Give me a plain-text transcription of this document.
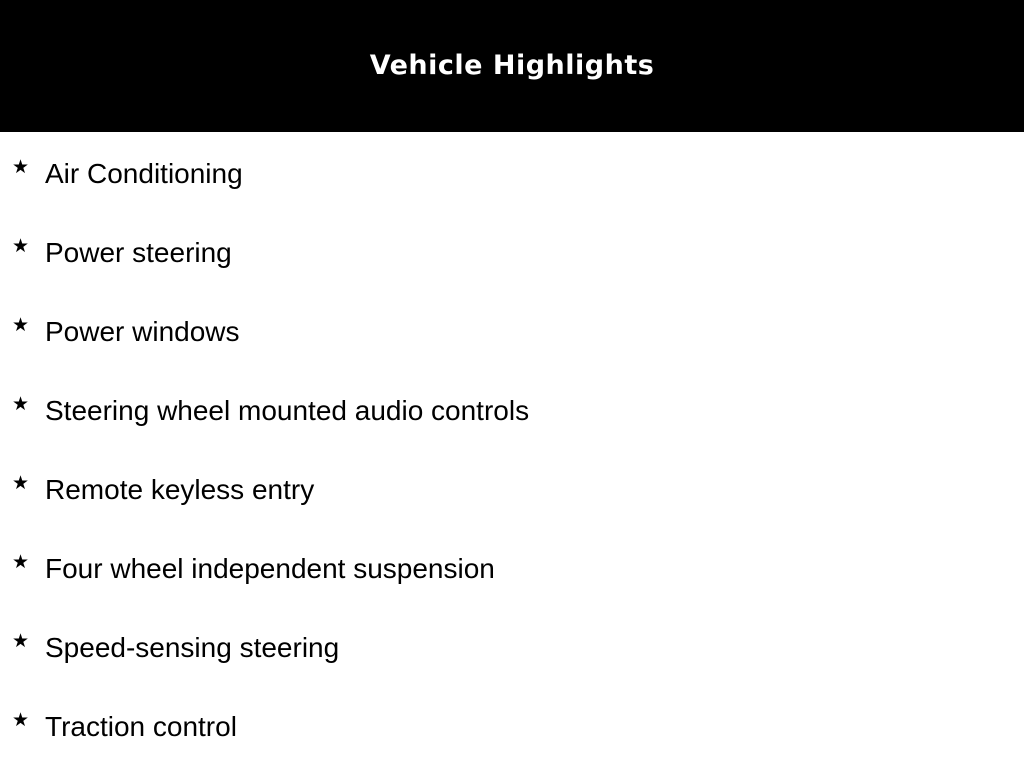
Vehicle Highlights
★ Air Conditioning
★ Power steering
★ Power windows
★ Steering wheel mounted audio controls
★ Remote keyless entry
★ Four wheel independent suspension
★ Speed-sensing steering
★ Traction control
